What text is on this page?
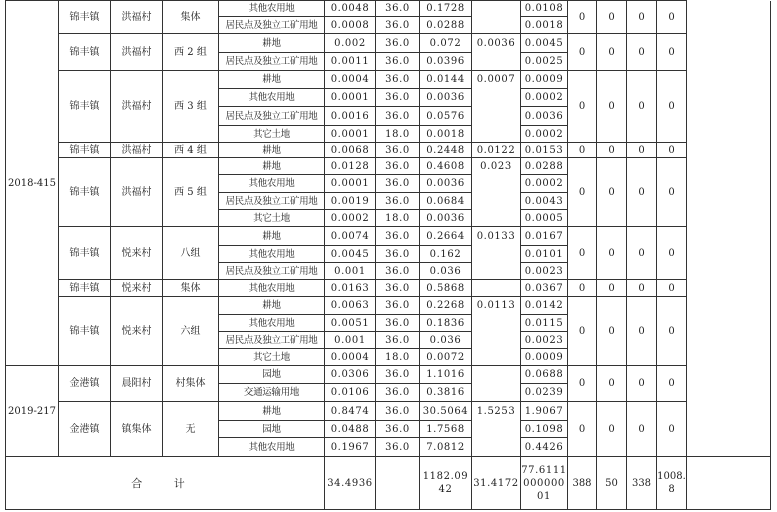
2018-415	锦丰镇	洪福村	集体	其他农用地	0.0048	36.0	0.1728		0.0108	0	0	0	0	
				居民点及独立工矿用地	0.0008	36.0	0.0288		0.0018					
	锦丰镇	洪福村	西 2 组	耕地	0.002	36.0	0.072	0.0036	0.0045	0	0	0	0	
				居民点及独立工矿用地	0.0011	36.0	0.0396		0.0025					
	锦丰镇	洪福村	西 3 组	耕地	0.0004	36.0	0.0144	0.0007	0.0009	0	0	0	0	
				其他农用地	0.0001	36.0	0.0036		0.0002					
				居民点及独立工矿用地	0.0016	36.0	0.0576		0.0036					
				其它土地	0.0001	18.0	0.0018		0.0002					
	锦丰镇	洪福村	西 4 组	耕地	0.0068	36.0	0.2448	0.0122	0.0153	0	0	0	0	
	锦丰镇	洪福村	西 5 组	耕地	0.0128	36.0	0.4608	0.023	0.0288	0	0	0	0	
				其他农用地	0.0001	36.0	0.0036		0.0002					
				居民点及独立工矿用地	0.0019	36.0	0.0684		0.0043					
				其它土地	0.0002	18.0	0.0036		0.0005					
	锦丰镇	悦来村	八组	耕地	0.0074	36.0	0.2664	0.0133	0.0167	0	0	0	0	
				其他农用地	0.0045	36.0	0.162		0.0101					
				居民点及独立工矿用地	0.001	36.0	0.036		0.0023					
	锦丰镇	悦来村	集体	其他农用地	0.0163	36.0	0.5868		0.0367	0	0	0	0	
	锦丰镇	悦来村	六组	耕地	0.0063	36.0	0.2268	0.0113	0.0142	0	0	0	0	
				其他农用地	0.0051	36.0	0.1836		0.0115					
				居民点及独立工矿用地	0.001	36.0	0.036		0.0023					
				其它土地	0.0004	18.0	0.0072		0.0009					
2019-217	金港镇	晨阳村	村集体	园地	0.0306	36.0	1.1016		0.0688	0	0	0	0	
				交通运输用地	0.0106	36.0	0.3816		0.0239					
	金港镇	镇集体	无	耕地	0.8474	36.0	30.5064	1.5253	1.9067	0	0	0	0	
				园地	0.0488	36.0	1.7568		0.1098					
				其他农用地	0.1967	36.0	7.0812		0.4426					
合 计					34.4936		1182.0942	31.4172	77.611100000001	388	50	338	1008.8	
